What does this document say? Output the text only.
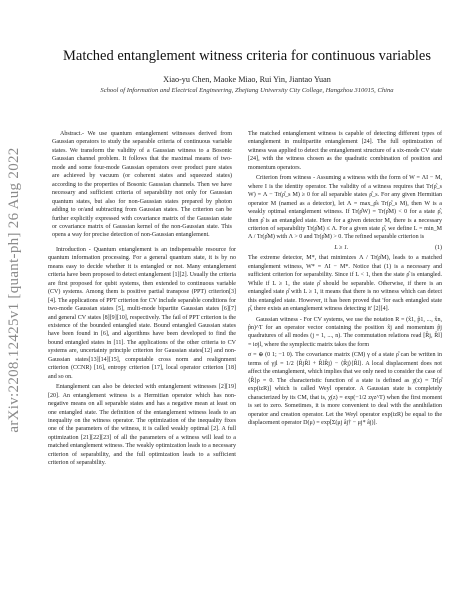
arXiv:2208.12425v1 [quant-ph] 26 Aug 2022
Matched entanglement witness criteria for continuous variables
Xiao-yu Chen, Maoke Miao, Rui Yin, Jiantao Yuan
School of Information and Electrical Engineering, Zhejiang University City College, Hangzhou 310015, China

Abstract.- We use quantum entanglement witnesses derived from Gaussian operators to study the separable criteria of continuous variable states. We transform the validity of a Gaussian witness to a Bosonic Gaussian channel problem. It follows that the maximal means of two-mode and some four-mode Gaussian operators over product pure states are achieved by vacuum (or coherent states and squeezed states) according to the properties of Bosonic Gaussian channels. Then we have necessary and sufficient criteria of separability not only for Gaussian quantum states, but also for non-Gaussian states prepared by photon adding to or/and subtracting from Gaussian states. The criterion can be further explicitly expressed with covariance matrix of the Gaussian state or covariance matrix of Gaussian kernel of the non-Gaussian state. This opens a way for precise detection of non-Gaussian entanglement.

Introduction - Quantum entanglement is an indispensable resource for quantum information processing. For a general quantum state, it is by no means easy to decide whether it is entangled or not. Many entanglement criteria have been proposed to detect entanglement [1][2]. Usually the criteria are first proposed for qubit systems, then extended to continuous variable (CV) systems. Among them is positive partial transpose (PPT) criterion[3][4]. The applications of PPT criterion for CV include separable conditions for two-mode Gaussian states [5], multi-mode bipartite Gaussian states [6][7] and general CV states [8][9][10], respectively. The fail of PPT criterion is the existence of the bounded entangled state. Bound entangled Gaussian states have been found in [6], and algorithms have been developed to find the bound entangled states in [11]. The applications of the other criteria to CV systems are, uncertainty principle criterion for Gaussian states[12] and non-Gaussian states[13][14][15], computable cross norm and realignment criterion (CCNR) [16], entropy criterion [17], local operator criterion [18] and so on.

Entanglement can also be detected with entanglement witnesses [2][19][20]. An entanglement witness is a Hermitian operator which has non-negative means on all separable states and has a negative mean at least on one entangled state. The definition of the entanglement witness leads to an inequality on the witness operator. The optimization of the inequality fixes one of the parameters of the witness, it is called weakly optimal [2]. A full optimization [21][22][23] of all the parameters of a witness will lead to a matched entanglement witness. The weakly optimization leads to a necessary criterion of separability, and the full optimization leads to a sufficient criterion of separability.

The matched entanglement witness is capable of detecting different types of entanglement in multipartite entanglement [24]. The full optimization of witness was applied to detect the entanglement structure of a six-mode CV state [24], with the witness chosen as the quadratic combination of position and momentum operators.

Criterion from witness - Assuming a witness with the form of W = ΛI − M, where I is the identity operator. The validity of a witness requires that Tr(ρ̂_s W) = Λ − Tr(ρ̂_s M) ≥ 0 for all separable states ρ̂_s. For any given Hermitian operator M (named as a detector), let Λ = max_ρ̂s Tr(ρ̂_s M), then W is a weakly optimal entanglement witness. If Tr(ρ̂W) = Tr(ρ̂M) < 0 for a state ρ̂, then ρ̂ is an entangled state. Here for a given detector M, there is a necessary criterion of separability Tr(ρ̂M) ≤ Λ. For a given state ρ̂, we define L = min_M Λ / Tr(ρ̂M) with Λ > 0 and Tr(ρ̂M) > 0. The refined separable criterion is

(1)
L ≥ 1.

The extreme detector, M*, that minimizes Λ / Tr(ρ̂M), leads to a matched entanglement witness, W* = ΛI − M*. Notice that (1) is a necessary and sufficient criterion for separability. Since if L < 1, then the state ρ̂ is entangled. While if L ≥ 1, the state ρ̂ should be separable. Otherwise, if there is an entangled state ρ̂ with L ≥ 1, it means that there is no witness which can detect this entangled state. However, it has been proved that 'for each entangled state ρ̂, there exists an entanglement witness detecting it' [2][4].

Gaussian witness - For CV systems, we use the notation R = (x̂1, p̂1, ..., x̂n, p̂n)^T for an operator vector containing the position x̂j and momentum p̂j quadratures of all modes (j = 1, ..., n). The commutation relations read [R̂j, R̂l] = iσjl, where the symplectic matrix takes the form

σ = ⊕ (0 1; −1 0). The covariance matrix (CM) γ of a state ρ̂ can be written in terms of γjl = 1/2 ⟨R̂jR̂l + R̂lR̂j⟩ − ⟨R̂j⟩⟨R̂l⟩. A local displacement does not affect the entanglement, which implies that we only need to consider the case of ⟨R̂⟩ρ = 0. The characteristic function of a state is defined as χ(z) = Tr[ρ̂ exp(izR)] which is called Weyl operator. A Gaussian state is completely characterized by its CM, that is, χ(z) = exp(−1/2 zγz^T) when the first moment is set to zero. Sometimes, it is more convenient to deal with the annihilation operator and creation operator. Let the Weyl operator exp(izR) be equal to the displacement operator D(μ) = exp[Σ(μj âj† − μj* âj)].
